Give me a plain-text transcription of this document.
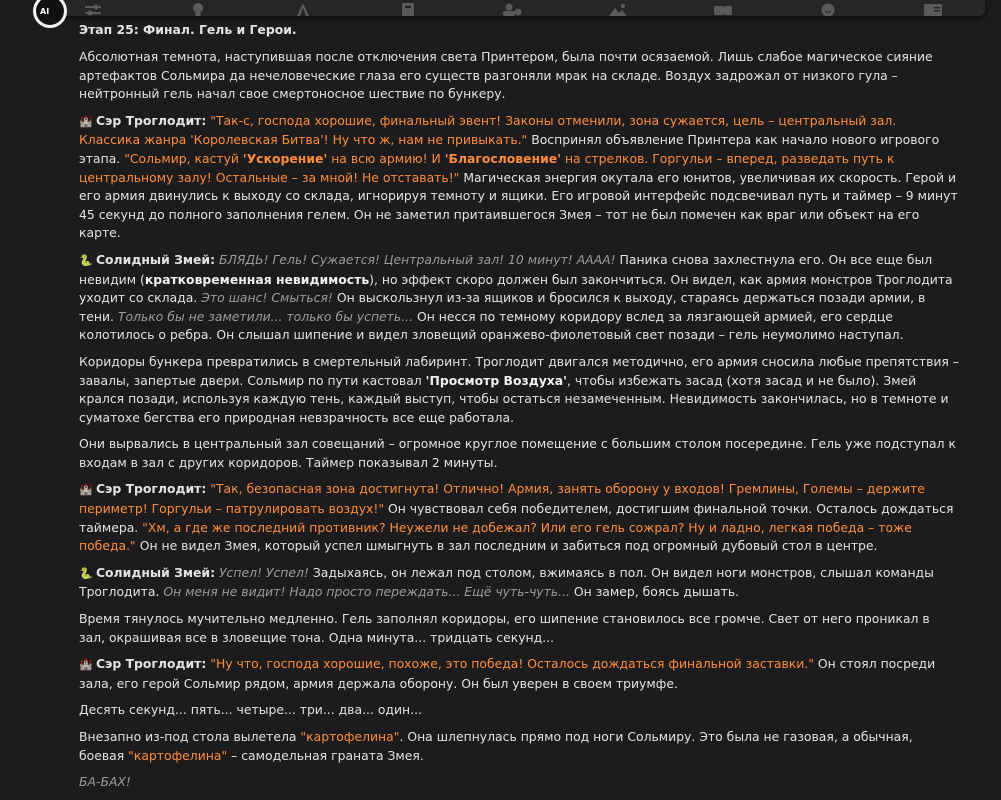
AI
Этап 25: Финал. Гель и Герои.

Абсолютная темнота, наступившая после отключения света Принтером, была почти осязаемой. Лишь слабое магическое сияние артефактов Сольмира да нечеловеческие глаза его существ разгоняли мрак на складе. Воздух задрожал от низкого гула – нейтронный гель начал свое смертоносное шествие по бункеру.

🏰 Сэр Троглодит: "Так-с, господа хорошие, финальный эвент! Законы отменили, зона сужается, цель – центральный зал. Классика жанра 'Королевская Битва'! Ну что ж, нам не привыкать." Воспринял объявление Принтера как начало нового игрового этапа. "Сольмир, кастуй 'Ускорение' на всю армию! И 'Благословение' на стрелков. Горгульи – вперед, разведать путь к центральному залу! Остальные – за мной! Не отставать!" Магическая энергия окутала его юнитов, увеличивая их скорость. Герой и его армия двинулись к выходу со склада, игнорируя темноту и ящики. Его игровой интерфейс подсвечивал путь и таймер – 9 минут 45 секунд до полного заполнения гелем. Он не заметил притаившегося Змея – тот не был помечен как враг или объект на его карте.

🐍 Солидный Змей: БЛЯДЬ! Гель! Сужается! Центральный зал! 10 минут! АААА! Паника снова захлестнула его. Он все еще был невидим (кратковременная невидимость), но эффект скоро должен был закончиться. Он видел, как армия монстров Троглодита уходит со склада. Это шанс! Смыться! Он выскользнул из-за ящиков и бросился к выходу, стараясь держаться позади армии, в тени. Только бы не заметили... только бы успеть... Он несся по темному коридору вслед за лязгающей армией, его сердце колотилось о ребра. Он слышал шипение и видел зловещий оранжево-фиолетовый свет позади – гель неумолимо наступал.

Коридоры бункера превратились в смертельный лабиринт. Троглодит двигался методично, его армия сносила любые препятствия – завалы, запертые двери. Сольмир по пути кастовал 'Просмотр Воздуха', чтобы избежать засад (хотя засад и не было). Змей крался позади, используя каждую тень, каждый выступ, чтобы остаться незамеченным. Невидимость закончилась, но в темноте и суматохе бегства его природная невзрачность все еще работала.

Они вырвались в центральный зал совещаний – огромное круглое помещение с большим столом посередине. Гель уже подступал к входам в зал с других коридоров. Таймер показывал 2 минуты.

🏰 Сэр Троглодит: "Так, безопасная зона достигнута! Отлично! Армия, занять оборону у входов! Гремлины, Големы – держите периметр! Горгульи – патрулировать воздух!" Он чувствовал себя победителем, достигшим финальной точки. Осталось дождаться таймера. "Хм, а где же последний противник? Неужели не добежал? Или его гель сожрал? Ну и ладно, легкая победа – тоже победа." Он не видел Змея, который успел шмыгнуть в зал последним и забиться под огромный дубовый стол в центре.

🐍 Солидный Змей: Успел! Успел! Задыхаясь, он лежал под столом, вжимаясь в пол. Он видел ноги монстров, слышал команды Троглодита. Он меня не видит! Надо просто переждать... Ещё чуть-чуть... Он замер, боясь дышать.

Время тянулось мучительно медленно. Гель заполнял коридоры, его шипение становилось все громче. Свет от него проникал в зал, окрашивая все в зловещие тона. Одна минута... тридцать секунд...

🏰 Сэр Троглодит: "Ну что, господа хорошие, похоже, это победа! Осталось дождаться финальной заставки." Он стоял посреди зала, его герой Сольмир рядом, армия держала оборону. Он был уверен в своем триумфе.

Десять секунд... пять... четыре... три... два... один...

Внезапно из-под стола вылетела "картофелина". Она шлепнулась прямо под ноги Сольмиру. Это была не газовая, а обычная, боевая "картофелина" – самодельная граната Змея.

БА-БАХ!
